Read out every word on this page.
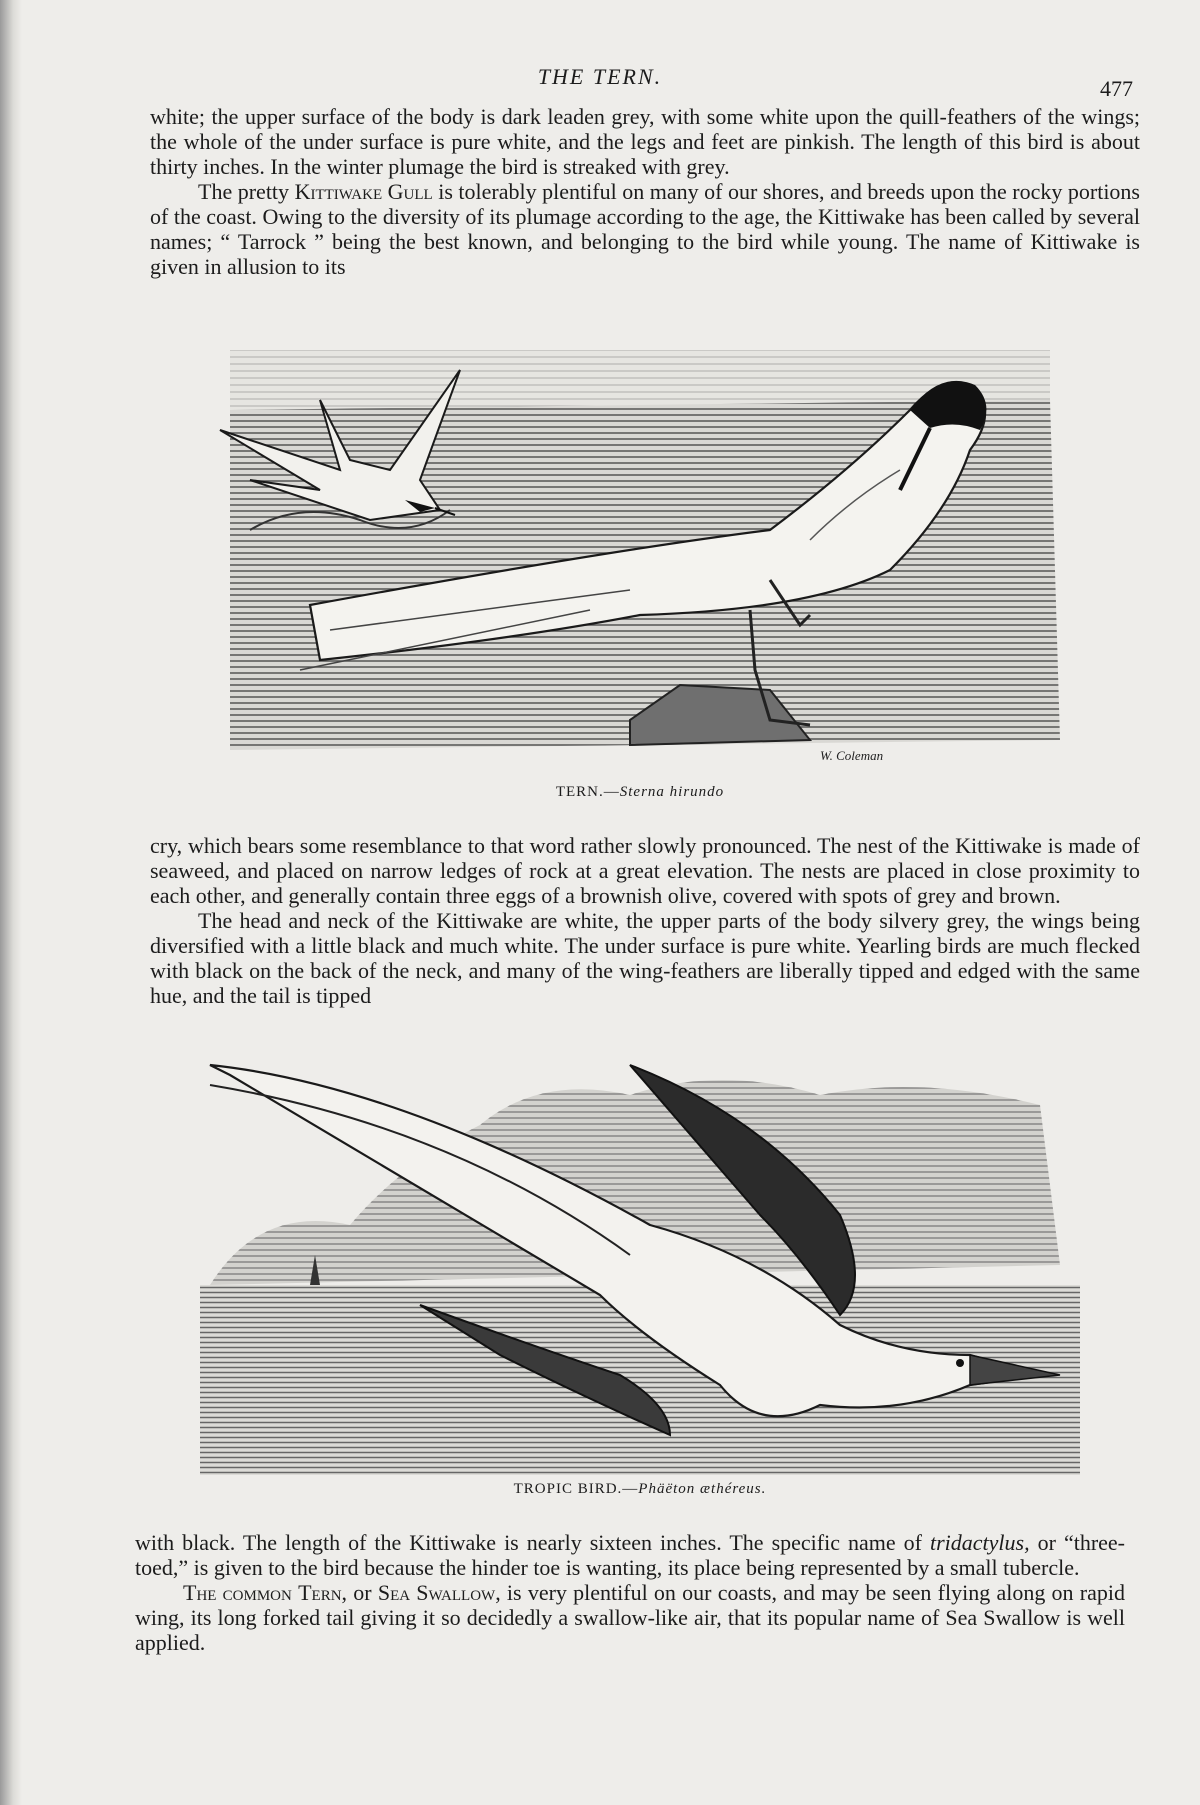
THE TERN.	477

white; the upper surface of the body is dark leaden grey, with some white upon the quill-feathers of the wings; the whole of the under surface is pure white, and the legs and feet are pinkish. The length of this bird is about thirty inches. In the winter plumage the bird is streaked with grey.

The pretty Kittiwake Gull is tolerably plentiful on many of our shores, and breeds upon the rocky portions of the coast. Owing to the diversity of its plumage according to the age, the Kittiwake has been called by several names; “ Tarrock ” being the best known, and belonging to the bird while young. The name of Kittiwake is given in allusion to its

W. Coleman
TERN.—Sterna hirundo

cry, which bears some resemblance to that word rather slowly pronounced. The nest of the Kittiwake is made of seaweed, and placed on narrow ledges of rock at a great elevation. The nests are placed in close proximity to each other, and generally contain three eggs of a brownish olive, covered with spots of grey and brown.

The head and neck of the Kittiwake are white, the upper parts of the body silvery grey, the wings being diversified with a little black and much white. The under surface is pure white. Yearling birds are much flecked with black on the back of the neck, and many of the wing-feathers are liberally tipped and edged with the same hue, and the tail is tipped

TROPIC BIRD.—Phäëton æthéreus.

with black. The length of the Kittiwake is nearly sixteen inches. The specific name of tridactylus, or “three-toed,” is given to the bird because the hinder toe is wanting, its place being represented by a small tubercle.

The common Tern, or Sea Swallow, is very plentiful on our coasts, and may be seen flying along on rapid wing, its long forked tail giving it so decidedly a swallow-like air, that its popular name of Sea Swallow is well applied.
